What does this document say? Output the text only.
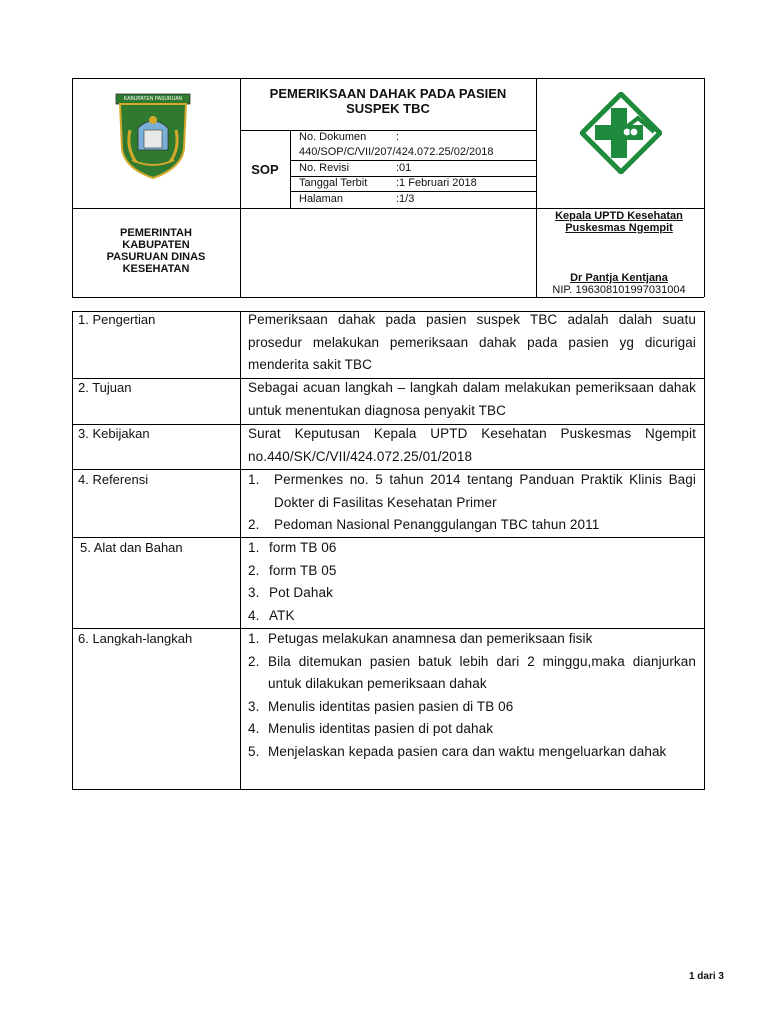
KABUPATEN PASURUAN	PEMERIKSAAN DAHAK PADA PASIEN SUSPEK TBC
SOP
No. Dokumen	:
440/SOP/C/VII/207/424.072.25/02/2018
No. Revisi	:01
Tanggal Terbit	:1 Februari 2018
Halaman	:1/3
PEMERINTAH
KABUPATEN
PASURUAN DINAS
KESEHATAN
Kepala UPTD Kesehatan
Puskesmas Ngempit
Dr Pantja Kentjana
NIP. 196308101997031004
1. Pengertian	Pemeriksaan dahak pada pasien suspek TBC adalah dalah suatu prosedur melakukan pemeriksaan dahak pada pasien yg dicurigai menderita sakit TBC
2. Tujuan	Sebagai acuan langkah – langkah dalam melakukan pemeriksaan dahak untuk menentukan diagnosa penyakit TBC
3. Kebijakan	Surat Keputusan Kepala UPTD Kesehatan Puskesmas Ngempit no.440/SK/C/VII/424.072.25/01/2018
4. Referensi	1. Permenkes no. 5 tahun 2014 tentang Panduan Praktik Klinis Bagi Dokter di Fasilitas Kesehatan Primer
2. Pedoman Nasional Penanggulangan TBC tahun 2011
5. Alat dan Bahan	1. form TB 06
2. form TB 05
3. Pot Dahak
4. ATK
6. Langkah-langkah	1. Petugas melakukan anamnesa dan pemeriksaan fisik
2. Bila ditemukan pasien batuk lebih dari 2 minggu,maka dianjurkan untuk dilakukan pemeriksaan dahak
3. Menulis identitas pasien pasien di TB 06
4. Menulis identitas pasien di pot dahak
5. Menjelaskan kepada pasien cara dan waktu mengeluarkan dahak
1 dari 3
